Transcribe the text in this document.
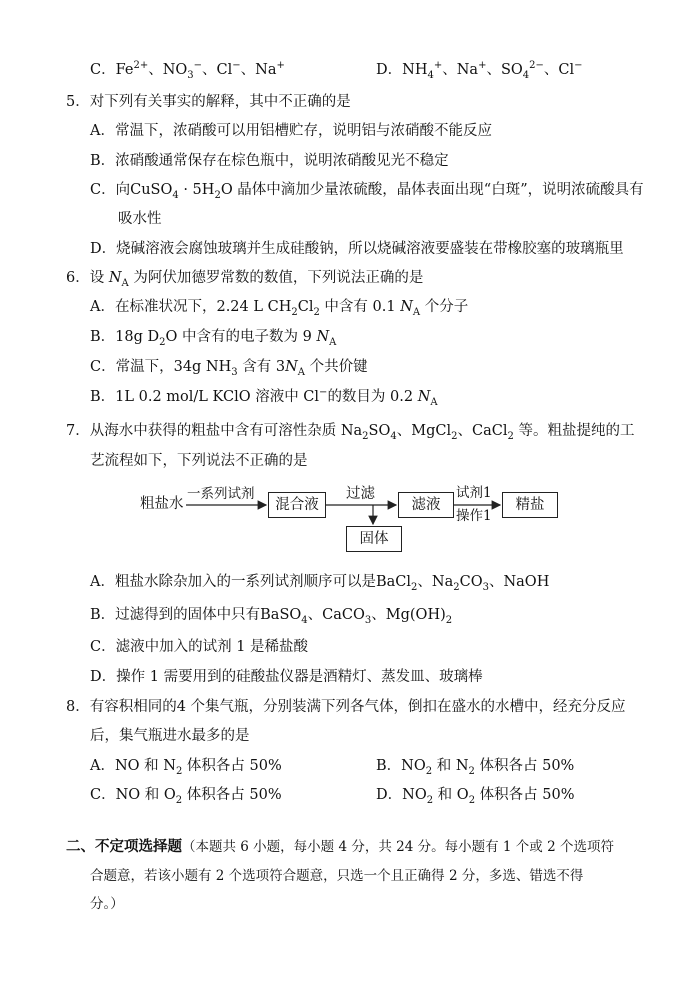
C．$Fe^{2+}$、$NO_3^-$、Cl−、Na+	D．$NH_4^+$、Na+、$SO_4^{2-}$、Cl−
5．对下列有关事实的解释，其中不正确的是
A．常温下，浓硝酸可以用铝槽贮存，说明铝与浓硝酸不能反应
B．浓硝酸通常保存在棕色瓶中，说明浓硝酸见光不稳定
C．向CuSO$_4$ · $5H_2O$ 晶体中滴加少量浓硫酸，晶体表面出现“白斑”，说明浓硫酸具有
吸水性
D．烧碱溶液会腐蚀玻璃并生成硅酸钠，所以烧碱溶液要盛装在带橡胶塞的玻璃瓶里
6．设 $N_A$ 为阿伏加德罗常数的数值，下列说法正确的是
A．在标准状况下，2.24 L $CH_2Cl_2$ 中含有 0.1 $N_A$ 个分子
B．18g $D_2O$ 中含有的电子数为 9 $N_A$
C．常温下，34g $NH_3$ 含有 $3N_A$ 个共价键
B．1L 0.2 mol/L KClO 溶液中 Cl−的数目为 0.2 $N_A$
7．从海水中获得的粗盐中含有可溶性杂质 $Na_2SO_4$、MgCl$_2$、CaCl$_2$ 等。粗盐提纯的工
艺流程如下，下列说法不正确的是
粗盐水
一系列试剂
混合液
过滤
滤液
试剂1
操作1
精盐
固体
A．粗盐水除杂加入的一系列试剂顺序可以是BaCl$_2$、$Na_2CO_3$、NaOH
B．过滤得到的固体中只有BaSO$_4$、CaCO$_3$、$Mg(OH)_2$
C．滤液中加入的试剂 1 是稀盐酸
D．操作 1 需要用到的硅酸盐仪器是酒精灯、蒸发皿、玻璃棒
8．有容积相同的4 个集气瓶，分别装满下列各气体，倒扣在盛水的水槽中，经充分反应
后，集气瓶进水最多的是
A．NO 和 $N_2$ 体积各占 50%	B．$NO_2$ 和 $N_2$ 体积各占 50%
C．NO 和 $O_2$ 体积各占 50%	D．$NO_2$ 和 $O_2$ 体积各占 50%
二、不定项选择题（本题共 6 小题，每小题 4 分，共 24 分。每小题有 1 个或 2 个选项符
合题意，若该小题有 2 个选项符合题意，只选一个且正确得 2 分，多选、错选不得
分。）
